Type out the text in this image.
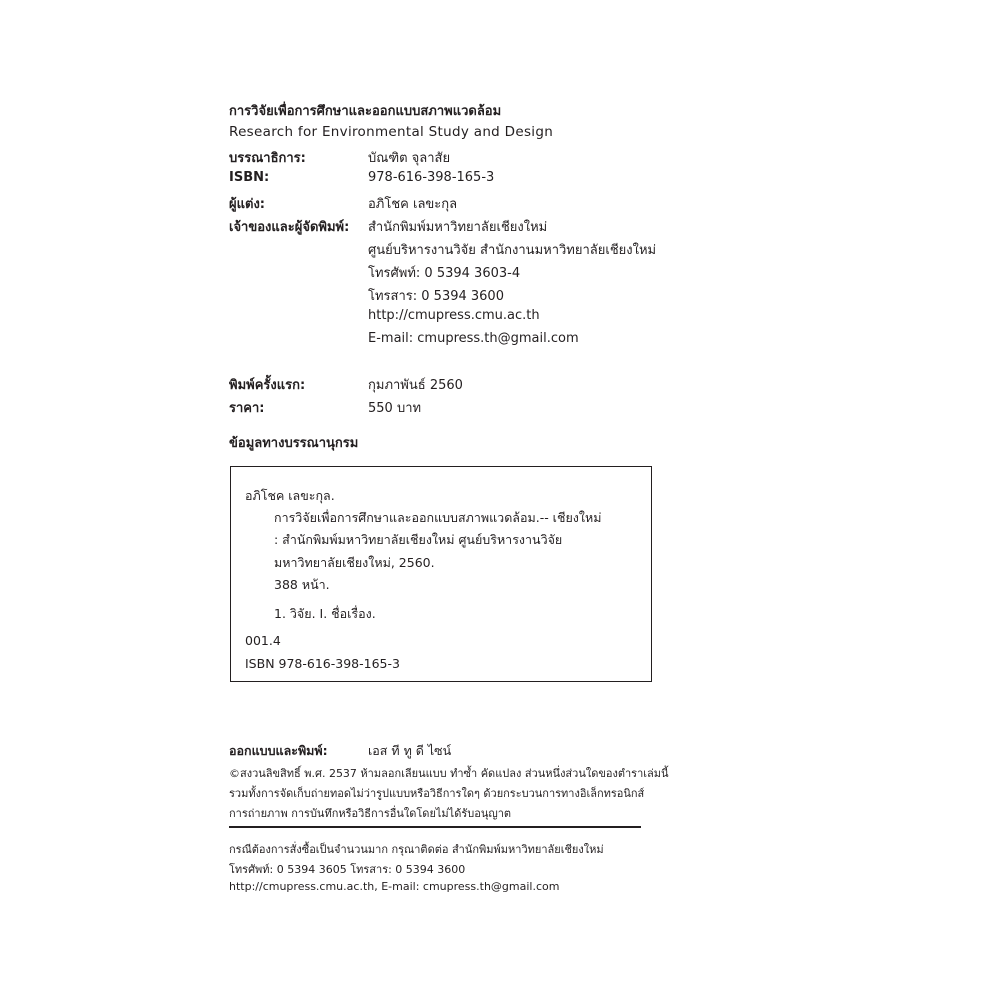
การวิจัยเพื่อการศึกษาและออกแบบสภาพแวดล้อม
Research for Environmental Study and Design
บรรณาธิการ:	บัณฑิต จุลาสัย
ISBN:	978-616-398-165-3
ผู้แต่ง:	อภิโชค เลขะกุล
เจ้าของและผู้จัดพิมพ์: สำนักพิมพ์มหาวิทยาลัยเชียงใหม่
ศูนย์บริหารงานวิจัย สำนักงานมหาวิทยาลัยเชียงใหม่
โทรศัพท์: 0 5394 3603-4
โทรสาร: 0 5394 3600
http://cmupress.cmu.ac.th
E-mail: cmupress.th@gmail.com
พิมพ์ครั้งแรก:	กุมภาพันธ์ 2560
ราคา:	550 บาท
ข้อมูลทางบรรณานุกรม
อภิโชค เลขะกุล.
การวิจัยเพื่อการศึกษาและออกแบบสภาพแวดล้อม.-- เชียงใหม่
: สำนักพิมพ์มหาวิทยาลัยเชียงใหม่ ศูนย์บริหารงานวิจัย
มหาวิทยาลัยเชียงใหม่, 2560.
388 หน้า.
1. วิจัย. I. ชื่อเรื่อง.
001.4
ISBN 978-616-398-165-3
ออกแบบและพิมพ์:	เอส ที ทู ดี ไซน์
©สงวนลิขสิทธิ์ พ.ศ. 2537 ห้ามลอกเลียนแบบ ทำซ้ำ คัดแปลง ส่วนหนึ่งส่วนใดของตำราเล่มนี้
รวมทั้งการจัดเก็บถ่ายทอดไม่ว่ารูปแบบหรือวิธีการใดๆ ด้วยกระบวนการทางอิเล็กทรอนิกส์
การถ่ายภาพ การบันทึกหรือวิธีการอื่นใดโดยไม่ได้รับอนุญาต
กรณีต้องการสั่งซื้อเป็นจำนวนมาก กรุณาติดต่อ สำนักพิมพ์มหาวิทยาลัยเชียงใหม่
โทรศัพท์: 0 5394 3605 โทรสาร: 0 5394 3600
http://cmupress.cmu.ac.th, E-mail: cmupress.th@gmail.com
